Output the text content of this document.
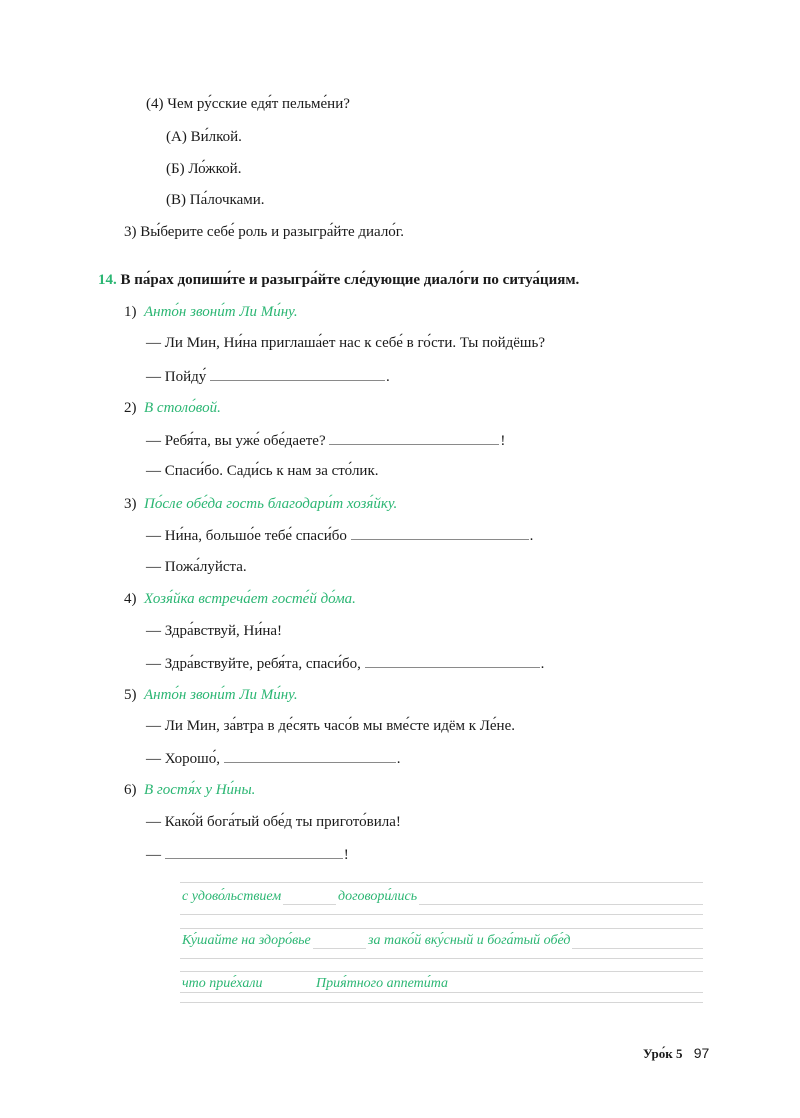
(4) Чем ру́сские едя́т пельме́ни?
(А) Ви́лкой.
(Б) Ло́жкой.
(В) Па́лочками.
3) Вы́берите себе́ роль и разыгра́йте диало́г.
14. В па́рах допиши́те и разыгра́йте сле́дующие диало́ги по ситуа́циям.
1) Анто́н звони́т Ли Ми́ну.
— Ли Мин, Ни́на приглаша́ет нас к себе́ в го́сти. Ты пойдёшь?
— Пойду́	.
2) В столо́вой.
— Ребя́та, вы уже́ обе́даете?	!
— Спаси́бо. Сади́сь к нам за сто́лик.
3) По́сле обе́да гость благодари́т хозя́йку.
— Ни́на, большо́е тебе́ спаси́бо	.
— Пожа́луйста.
4) Хозя́йка встреча́ет госте́й до́ма.
— Здра́вствуй, Ни́на!
— Здра́вствуйте, ребя́та, спаси́бо,	.
5) Анто́н звони́т Ли Ми́ну.
— Ли Мин, за́втра в де́сять часо́в мы вме́сте идём к Ле́не.
— Хорошо́,	.
6) В гостя́х у Ни́ны.
— Како́й бога́тый обе́д ты пригото́вила!
—	!
с удово́льствием	договори́лись
Ку́шайте на здоро́вье	за тако́й вку́сный и бога́тый обе́д
что прие́хали	Прия́тного аппети́та
Уро́к 5 97
